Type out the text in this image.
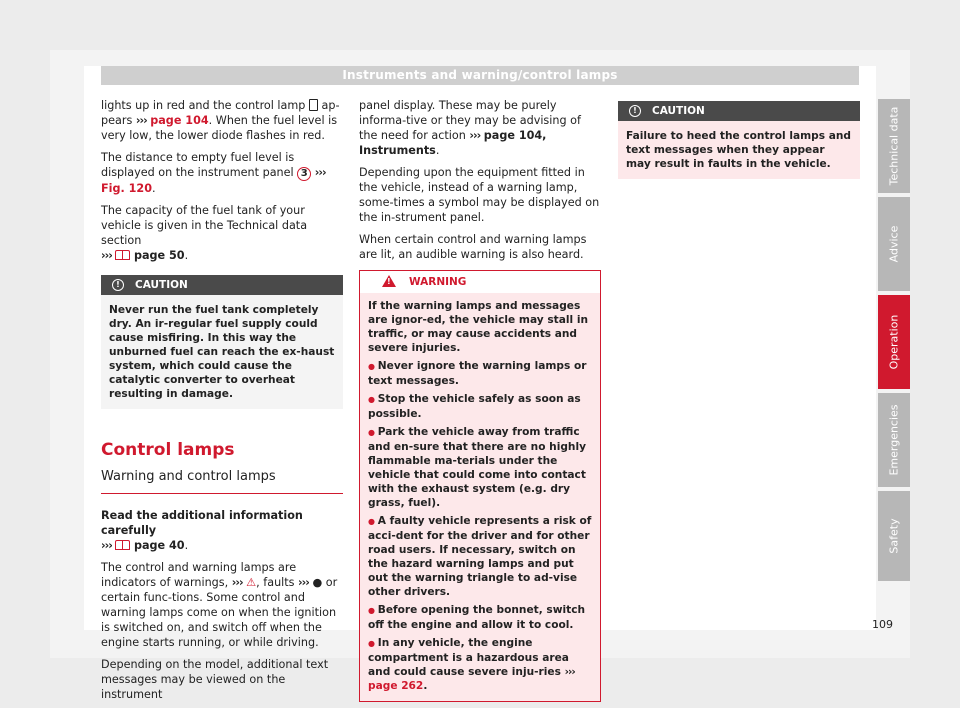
Instruments and warning/control lamps

lights up in red and the control lamp ap-pears ››› page 104. When the fuel level is very low, the lower diode flashes in red.

The distance to empty fuel level is displayed on the instrument panel 3 ››› Fig. 120.

The capacity of the fuel tank of your vehicle is given in the Technical data section
››› page 50.

!	CAUTION
Never run the fuel tank completely dry. An ir-regular fuel supply could cause misfiring. In this way the unburned fuel can reach the ex-haust system, which could cause the catalytic converter to overheat resulting in damage.
Control lamps
Warning and control lamps

Read the additional information carefully

››› page 40.

The control and warning lamps are indicators of warnings, ››› ⚠, faults ››› ● or certain func-tions. Some control and warning lamps come on when the ignition is switched on, and switch off when the engine starts running, or while driving.

Depending on the model, additional text messages may be viewed on the instrument

panel display. These may be purely informa-tive or they may be advising of the need for action ››› page 104, Instruments.

Depending upon the equipment fitted in the vehicle, instead of a warning lamp, some-times a symbol may be displayed on the in-strument panel.

When certain control and warning lamps are lit, an audible warning is also heard.

!
WARNING

If the warning lamps and messages are ignor-ed, the vehicle may stall in traffic, or may cause accidents and severe injuries.

● Never ignore the warning lamps or text messages.

● Stop the vehicle safely as soon as possible.

● Park the vehicle away from traffic and en-sure that there are no highly flammable ma-terials under the vehicle that could come into contact with the exhaust system (e.g. dry grass, fuel).

● A faulty vehicle represents a risk of acci-dent for the driver and for other road users. If necessary, switch on the hazard warning lamps and put out the warning triangle to ad-vise other drivers.

● Before opening the bonnet, switch off the engine and allow it to cool.

● In any vehicle, the engine compartment is a hazardous area and could cause severe inju-ries ››› page 262.

!	CAUTION
Failure to heed the control lamps and text messages when they appear may result in faults in the vehicle.	Technical data
Advice
Operation
Emergencies
Safety
109
